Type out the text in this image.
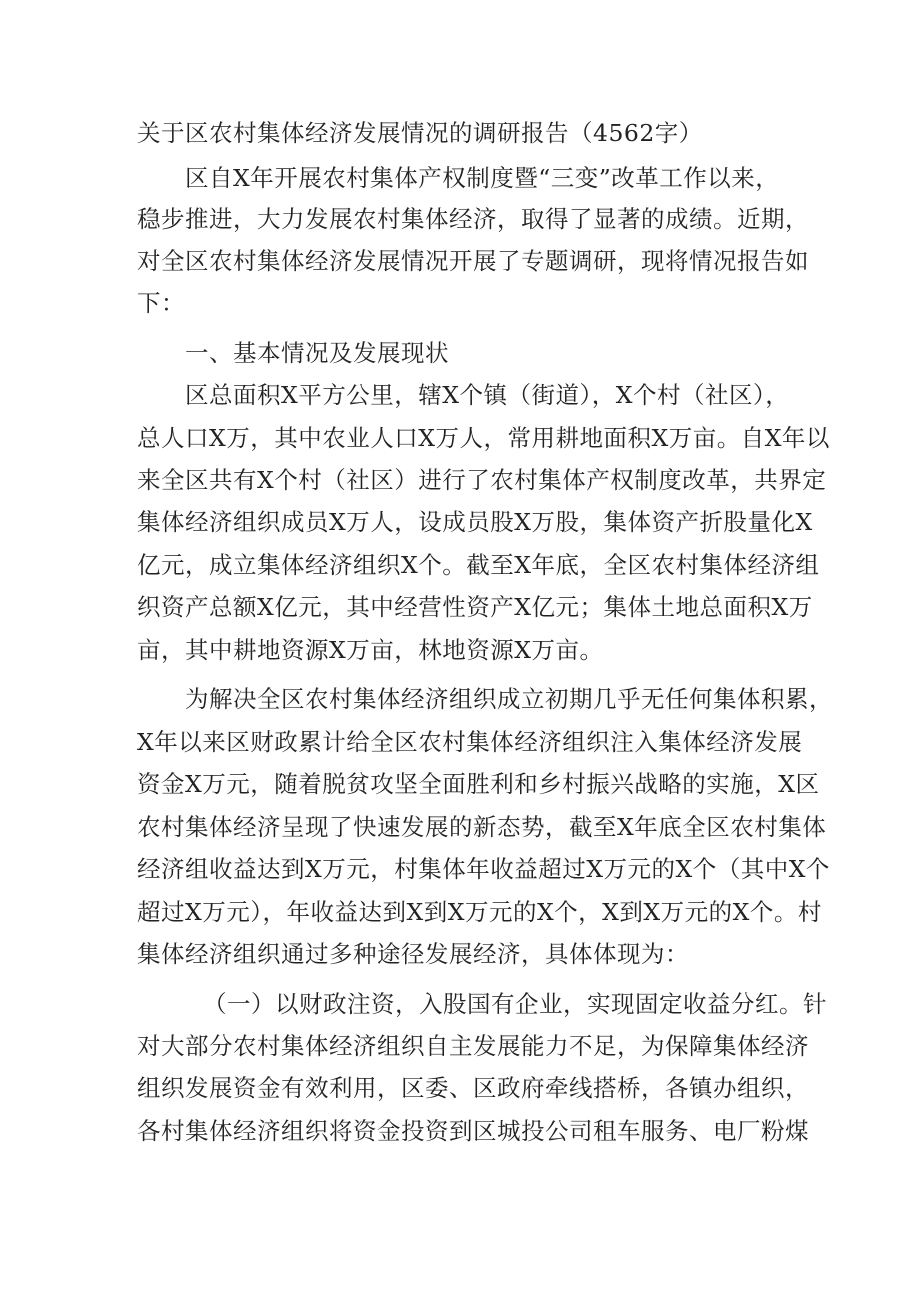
关于区农村集体经济发展情况的调研报告（4562字）
区自X年开展农村集体产权制度暨“三变”改革工作以来，
稳步推进，大力发展农村集体经济，取得了显著的成绩。近期，
对全区农村集体经济发展情况开展了专题调研，现将情况报告如
下：
一、基本情况及发展现状
区总面积X平方公里，辖X个镇（街道），X个村（社区），
总人口X万，其中农业人口X万人，常用耕地面积X万亩。自X年以
来全区共有X个村（社区）进行了农村集体产权制度改革，共界定
集体经济组织成员X万人，设成员股X万股，集体资产折股量化X
亿元，成立集体经济组织X个。截至X年底，全区农村集体经济组
织资产总额X亿元，其中经营性资产X亿元；集体土地总面积X万
亩，其中耕地资源X万亩，林地资源X万亩。
为解决全区农村集体经济组织成立初期几乎无任何集体积累，
X年以来区财政累计给全区农村集体经济组织注入集体经济发展
资金X万元，随着脱贫攻坚全面胜利和乡村振兴战略的实施，X区
农村集体经济呈现了快速发展的新态势，截至X年底全区农村集体
经济组收益达到X万元，村集体年收益超过X万元的X个（其中X个
超过X万元），年收益达到X到X万元的X个，X到X万元的X个。村
集体经济组织通过多种途径发展经济，具体体现为：
（一）以财政注资，入股国有企业，实现固定收益分红。针
对大部分农村集体经济组织自主发展能力不足，为保障集体经济
组织发展资金有效利用，区委、区政府牵线搭桥，各镇办组织，
各村集体经济组织将资金投资到区城投公司租车服务、电厂粉煤
